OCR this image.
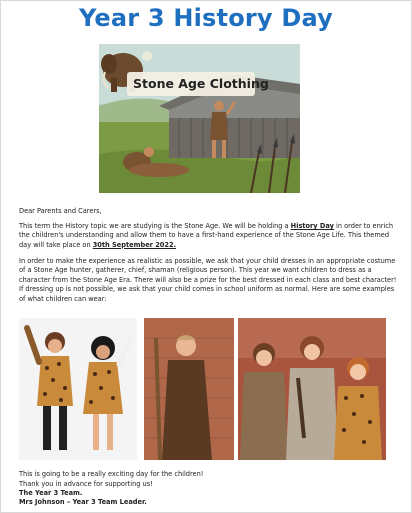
Year 3 History Day
Stone Age Clothing
Dear Parents and Carers,
This term the History topic we are studying is the Stone Age. We will be holding a History Day in order to enrich the children's understanding and allow them to have a first-hand experience of the Stone Age Life. This themed day will take place on 30th September 2022.
In order to make the experience as realistic as possible, we ask that your child dresses in an appropriate costume of a Stone Age hunter, gatherer, chief, shaman (religious person). This year we want children to dress as a character from the Stone Age Era. There will also be a prize for the best dressed in each class and best character! If dressing up is not possible, we ask that your child comes in school uniform as normal. Here are some examples of what children can wear:
This is going to be a really exciting day for the children!
Thank you in advance for supporting us!
The Year 3 Team.
Mrs Johnson – Year 3 Team Leader.
